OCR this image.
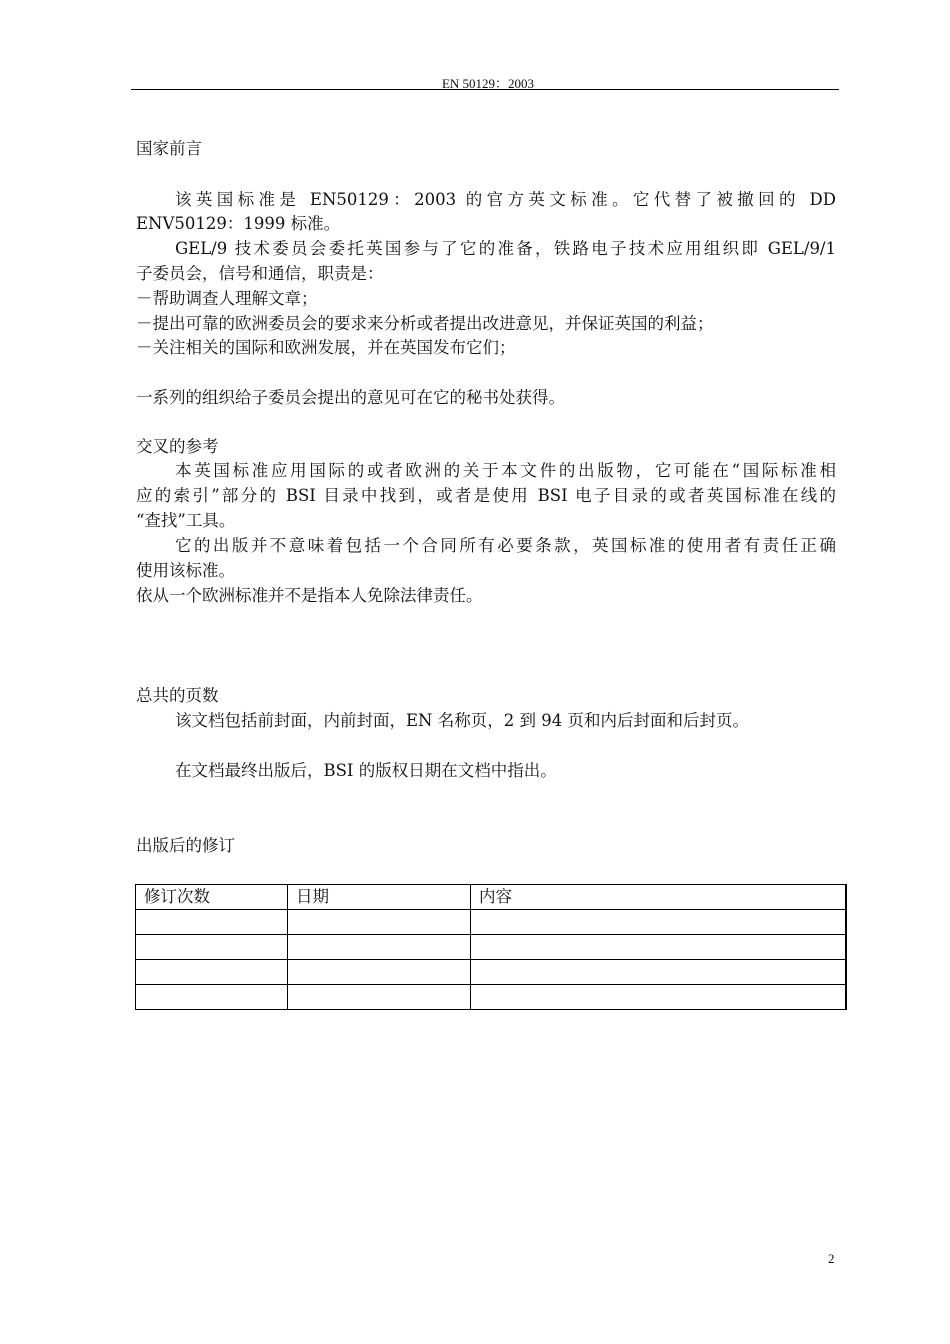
EN 50129：2003
国家前言
该英国标准是 EN50129：2003 的官方英文标准。它代替了被撤回的 DD
ENV50129：1999 标准。
GEL/9 技术委员会委托英国参与了它的准备，铁路电子技术应用组织即 GEL/9/1
子委员会，信号和通信，职责是：
－帮助调查人理解文章；
－提出可靠的欧洲委员会的要求来分析或者提出改进意见，并保证英国的利益；
－关注相关的国际和欧洲发展，并在英国发布它们；
一系列的组织给子委员会提出的意见可在它的秘书处获得。
交叉的参考
本英国标准应用国际的或者欧洲的关于本文件的出版物，它可能在“国际标准相
应的索引”部分的 BSI 目录中找到，或者是使用 BSI 电子目录的或者英国标准在线的
“查找”工具。
它的出版并不意味着包括一个合同所有必要条款，英国标准的使用者有责任正确
使用该标准。
依从一个欧洲标准并不是指本人免除法律责任。
总共的页数
该文档包括前封面，内前封面，EN 名称页，2 到 94 页和内后封面和后封页。
在文档最终出版后，BSI 的版权日期在文档中指出。
出版后的修订
修订次数	日期	内容

2
